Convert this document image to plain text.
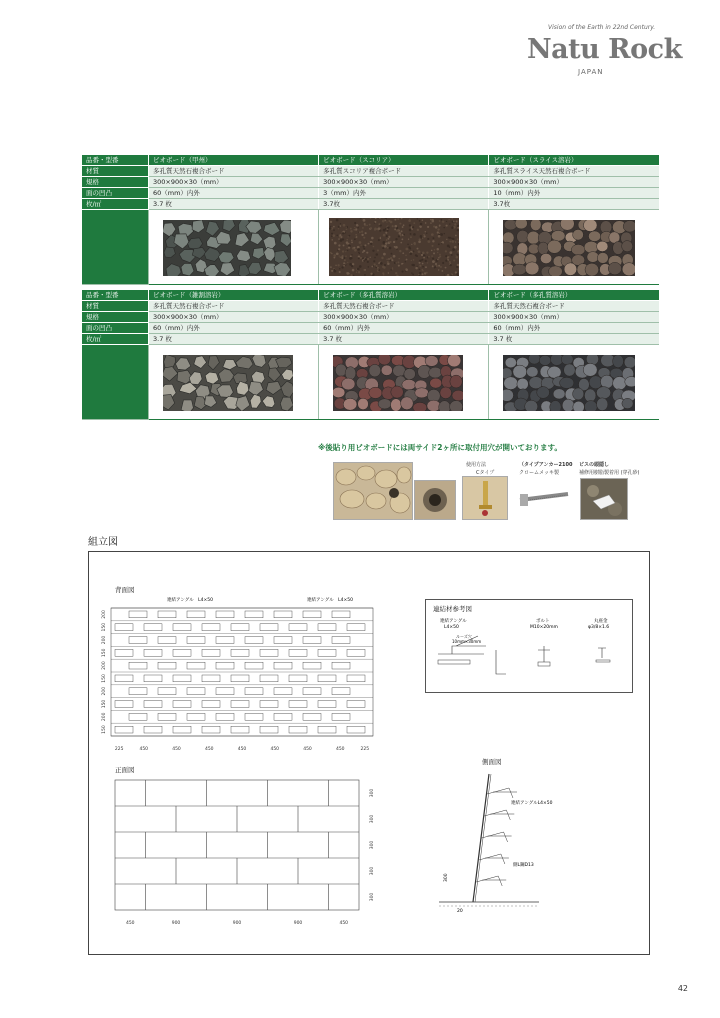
Vision of the Earth in 22nd Century.
Natu Rock
JAPAN
品番・型番	ビオボード（甲州）	ビオボード（スコリア）	ビオボード（スライス溶岩）
材質	多孔質天然石複合ボード	多孔質スコリア複合ボード	多孔質スライス天然石複合ボード
規格	300×900×30（mm）	300×900×30（mm）	300×900×30（mm）
面の凹凸	60（mm）内外	3（mm）内外	10（mm）内外
枚/㎡	3.7 枚	3.7枚	3.7枚

品番・型番	ビオボード（雑割溶岩）	ビオボード（多孔質溶岩）	ビオボード（多孔質溶岩）
材質	多孔質天然石複合ボード	多孔質天然石複合ボード	多孔質天然石複合ボード
規格	300×900×30（mm）	300×900×30（mm）	300×900×30（mm）
面の凹凸	60（mm）内外	60（mm）内外	60（mm）内外
枚/㎡	3.7 枚	3.7 枚	3.7 枚

※後貼り用ビオボードには両サイド2ヶ所に取付用穴が開いております。
使用方法
Cタイプ
（タイプアンカー2100
クロームメッキ製
ビスの頭隠し
補修用樹脂製着用 (穿孔砂)
組立図
背面図
正面図
側面図
連結アングル　L4×50	連結アングル　L4×50
200
150
200
150
200
150
200
150
200
150
225	450	450	450	450	450	450	450	225
連結材参考図
連結アングル
L4×50
ボルト
M10×20mm
丸座金
φ3/8×1.6
ルーズ穴
10mm×30mm
300
300
300
300
300
450	900	900	900	450
連結アングルL4×50
側L鋼D13
20
300
42
